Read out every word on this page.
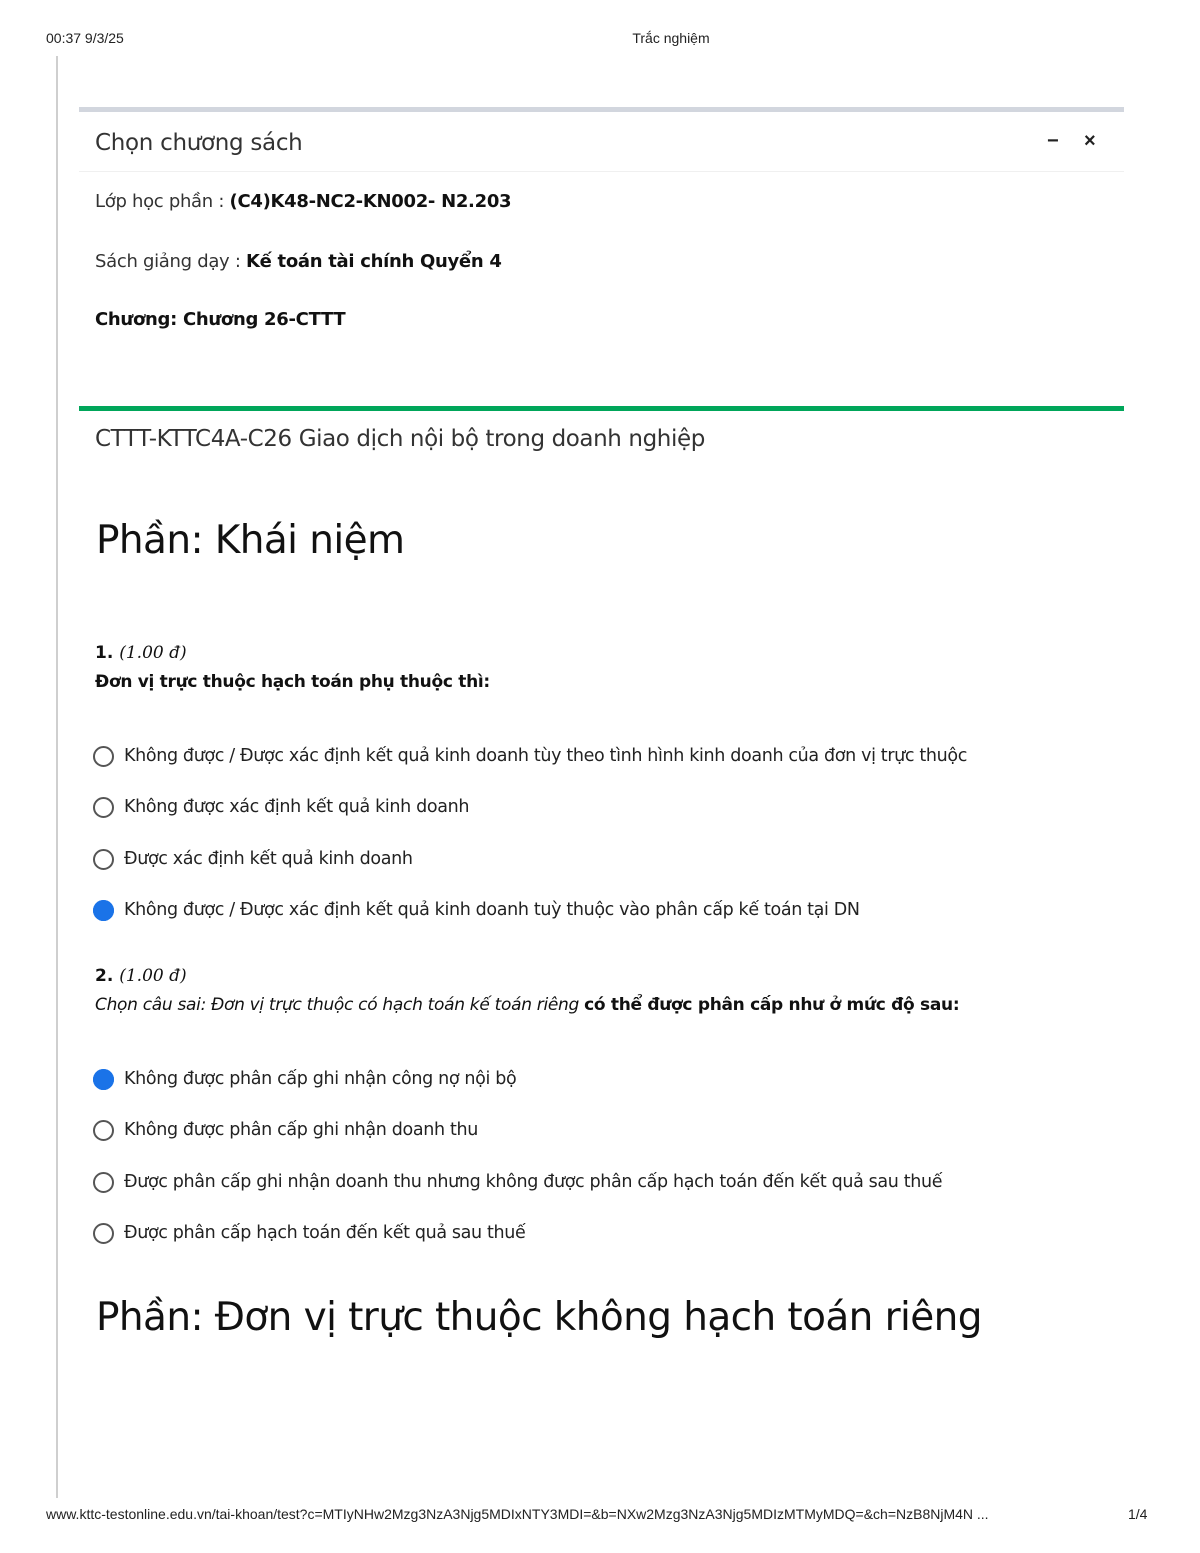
00:37 9/3/25	Trắc nghiệm
Chọn chương sách	− ×
Lớp học phần : (C4)K48-NC2-KN002- N2.203
Sách giảng dạy : Kế toán tài chính Quyển 4
Chương: Chương 26-CTTT
CTTT-KTTC4A-C26 Giao dịch nội bộ trong doanh nghiệp
Phần: Khái niệm
1. (1.00 đ)
Đơn vị trực thuộc hạch toán phụ thuộc thì:
Không được / Được xác định kết quả kinh doanh tùy theo tình hình kinh doanh của đơn vị trực thuộc
Không được xác định kết quả kinh doanh
Được xác định kết quả kinh doanh
Không được / Được xác định kết quả kinh doanh tuỳ thuộc vào phân cấp kế toán tại DN
2. (1.00 đ)
Chọn câu sai: Đơn vị trực thuộc có hạch toán kế toán riêng có thể được phân cấp như ở mức độ sau:
Không được phân cấp ghi nhận công nợ nội bộ
Không được phân cấp ghi nhận doanh thu
Được phân cấp ghi nhận doanh thu nhưng không được phân cấp hạch toán đến kết quả sau thuế
Được phân cấp hạch toán đến kết quả sau thuế
Phần: Đơn vị trực thuộc không hạch toán riêng
www.kttc-testonline.edu.vn/tai-khoan/test?c=MTIyNHw2Mzg3NzA3Njg5MDIxNTY3MDI=&b=NXw2Mzg3NzA3Njg5MDIzMTMyMDQ=&ch=NzB8NjM4N ...	1/4
